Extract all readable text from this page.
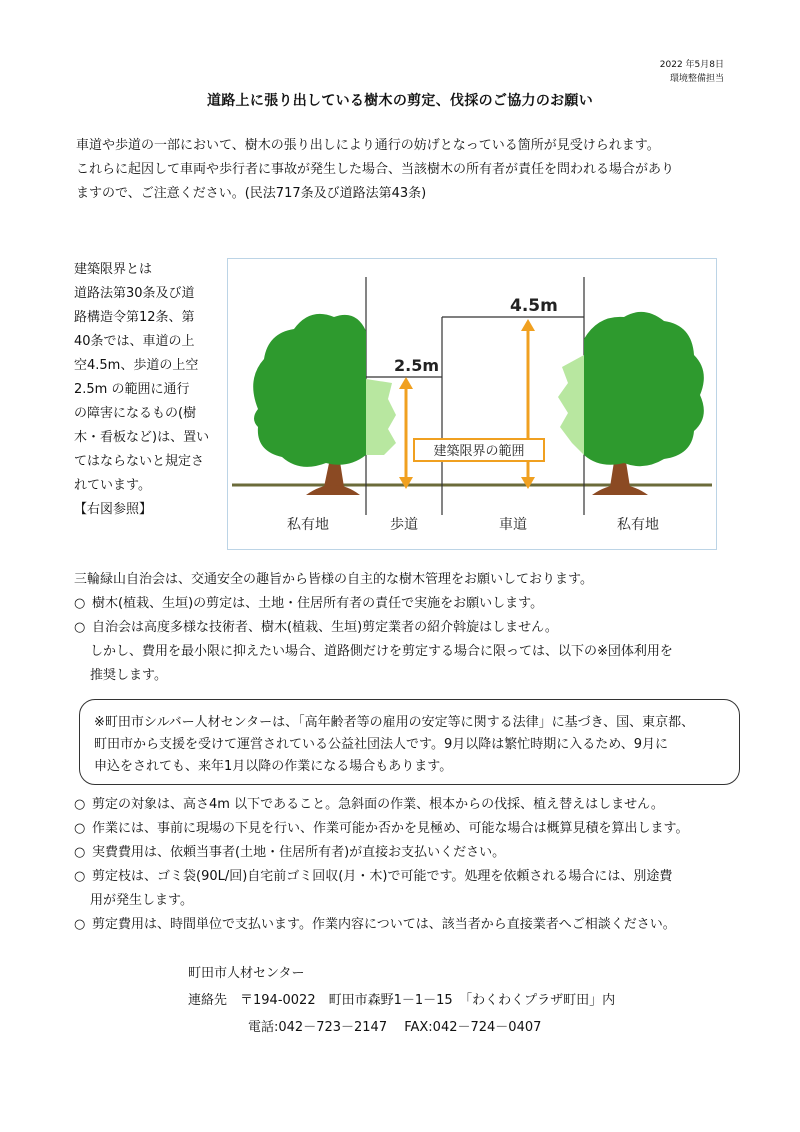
2022 年5月8日
環境整備担当
道路上に張り出している樹木の剪定、伐採のご協力のお願い
車道や歩道の一部において、樹木の張り出しにより通行の妨げとなっている箇所が見受けられます。
これらに起因して車両や歩行者に事故が発生した場合、当該樹木の所有者が責任を問われる場合があり
ますので、ご注意ください。(民法717条及び道路法第43条)
建築限界とは
道路法第30条及び道
路構造令第12条、第
40条では、車道の上
空4.5m、歩道の上空
2.5m の範囲に通行
の障害になるもの(樹
木・看板など)は、置い
てはならないと規定さ
れています。
【右図参照】
建築限界の範囲
2.5m
4.5m
私有地	歩道	車道	私有地
三輪緑山自治会は、交通安全の趣旨から皆様の自主的な樹木管理をお願いしております。
○ 樹木(植栽、生垣)の剪定は、土地・住居所有者の責任で実施をお願いします。
○ 自治会は高度多様な技術者、樹木(植栽、生垣)剪定業者の紹介斡旋はしません。
しかし、費用を最小限に抑えたい場合、道路側だけを剪定する場合に限っては、以下の※団体利用を
推奨します。
※町田市シルバー人材センターは、「高年齢者等の雇用の安定等に関する法律」に基づき、国、東京都、
町田市から支援を受けて運営されている公益社団法人です。9月以降は繁忙時期に入るため、9月に
申込をされても、来年1月以降の作業になる場合もあります。
○ 剪定の対象は、高さ4m 以下であること。急斜面の作業、根本からの伐採、植え替えはしません。
○ 作業には、事前に現場の下見を行い、作業可能か否かを見極め、可能な場合は概算見積を算出します。
○ 実費費用は、依頼当事者(土地・住居所有者)が直接お支払いください。
○ 剪定枝は、ゴミ袋(90L/回)自宅前ゴミ回収(月・木)で可能です。処理を依頼される場合には、別途費
用が発生します。
○ 剪定費用は、時間単位で支払います。作業内容については、該当者から直接業者へご相談ください。
町田市人材センター
連絡先　〒194-0022　町田市森野1－1－15　「わくわくプラザ町田」内
電話:042－723－2147　 FAX:042－724－0407
